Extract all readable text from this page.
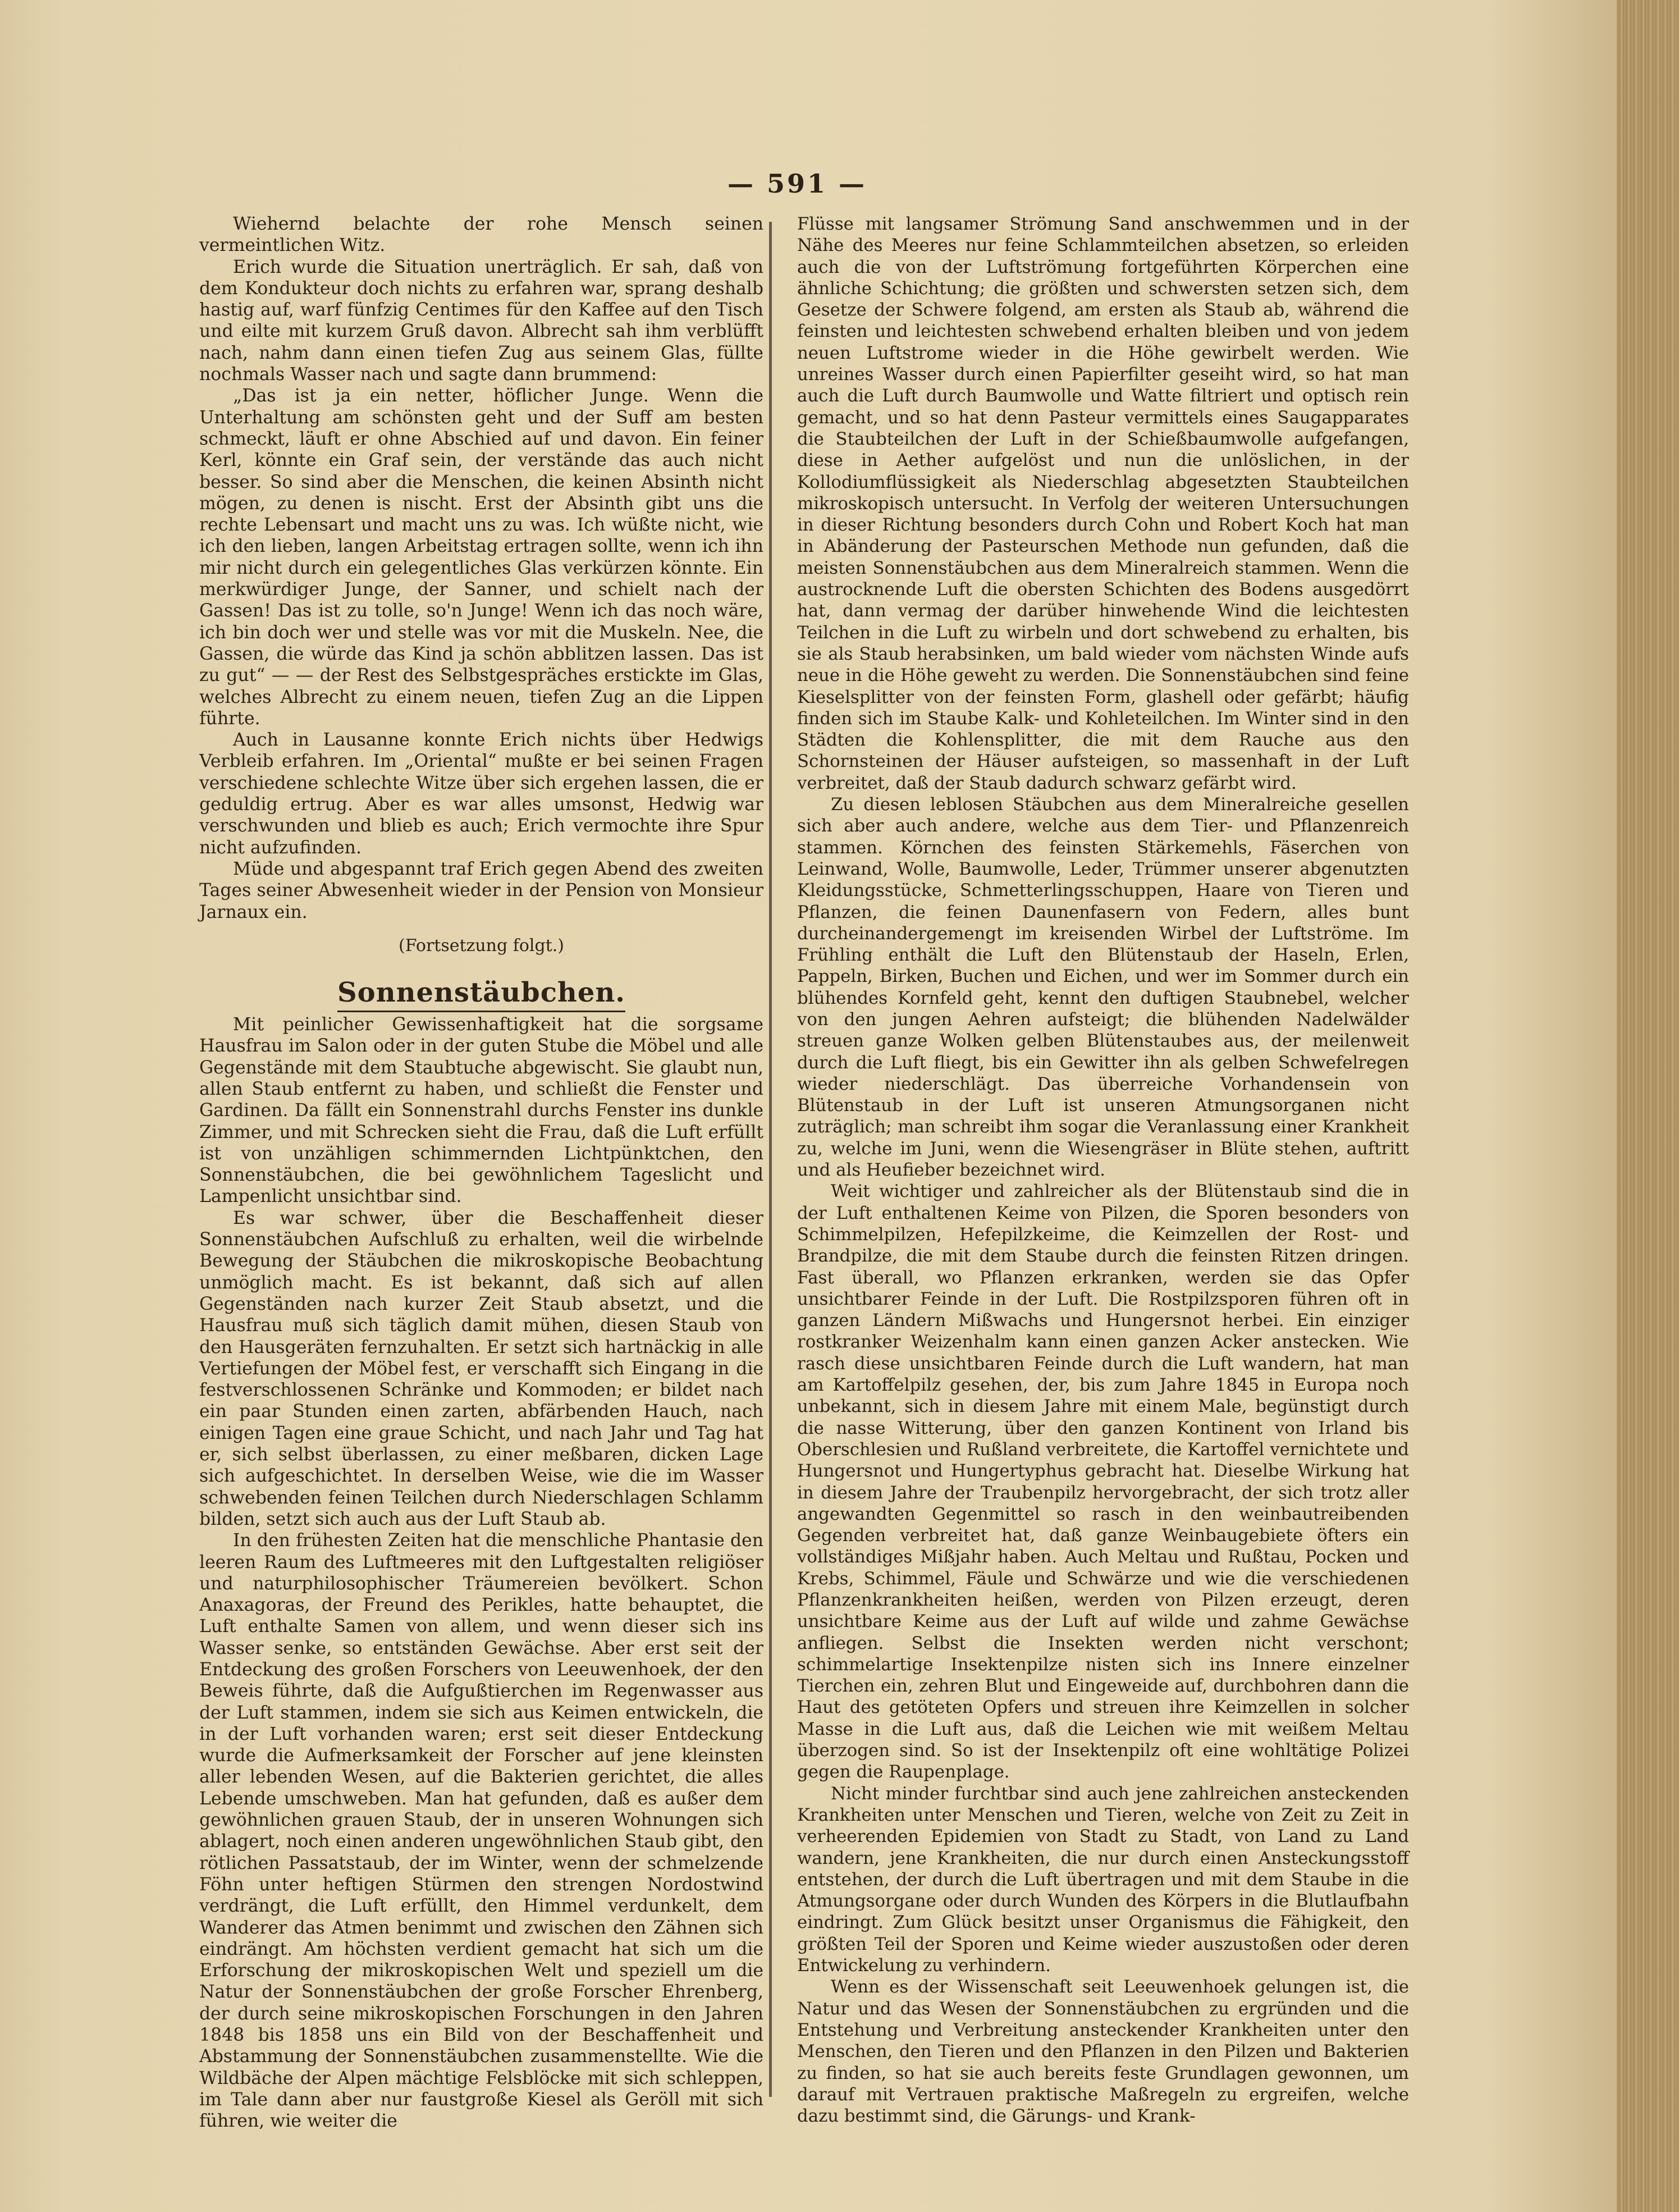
— 591 —

Wiehernd belachte der rohe Mensch seinen vermeintlichen Witz.

Erich wurde die Situation unerträglich. Er sah, daß von dem Kondukteur doch nichts zu erfahren war, sprang deshalb hastig auf, warf fünfzig Centimes für den Kaffee auf den Tisch und eilte mit kurzem Gruß davon. Albrecht sah ihm verblüfft nach, nahm dann einen tiefen Zug aus seinem Glas, füllte nochmals Wasser nach und sagte dann brummend:

„Das ist ja ein netter, höflicher Junge. Wenn die Unterhaltung am schönsten geht und der Suff am besten schmeckt, läuft er ohne Abschied auf und davon. Ein feiner Kerl, könnte ein Graf sein, der verstände das auch nicht besser. So sind aber die Menschen, die keinen Absinth nicht mögen, zu denen is nischt. Erst der Absinth gibt uns die rechte Lebensart und macht uns zu was. Ich wüßte nicht, wie ich den lieben, langen Arbeitstag ertragen sollte, wenn ich ihn mir nicht durch ein gelegentliches Glas verkürzen könnte. Ein merkwürdiger Junge, der Sanner, und schielt nach der Gassen! Das ist zu tolle, so'n Junge! Wenn ich das noch wäre, ich bin doch wer und stelle was vor mit die Muskeln. Nee, die Gassen, die würde das Kind ja schön abblitzen lassen. Das ist zu gut“ — — der Rest des Selbstgespräches erstickte im Glas, welches Albrecht zu einem neuen, tiefen Zug an die Lippen führte.

Auch in Lausanne konnte Erich nichts über Hedwigs Verbleib erfahren. Im „Oriental“ mußte er bei seinen Fragen verschiedene schlechte Witze über sich ergehen lassen, die er geduldig ertrug. Aber es war alles umsonst, Hedwig war verschwunden und blieb es auch; Erich vermochte ihre Spur nicht aufzufinden.

Müde und abgespannt traf Erich gegen Abend des zweiten Tages seiner Abwesenheit wieder in der Pension von Monsieur Jarnaux ein.

(Fortsetzung folgt.)

Sonnenstäubchen.

Mit peinlicher Gewissenhaftigkeit hat die sorgsame Hausfrau im Salon oder in der guten Stube die Möbel und alle Gegenstände mit dem Staubtuche abgewischt. Sie glaubt nun, allen Staub entfernt zu haben, und schließt die Fenster und Gardinen. Da fällt ein Sonnenstrahl durchs Fenster ins dunkle Zimmer, und mit Schrecken sieht die Frau, daß die Luft erfüllt ist von unzähligen schimmernden Lichtpünktchen, den Sonnenstäubchen, die bei gewöhnlichem Tageslicht und Lampenlicht unsichtbar sind.

Es war schwer, über die Beschaffenheit dieser Sonnenstäubchen Aufschluß zu erhalten, weil die wirbelnde Bewegung der Stäubchen die mikroskopische Beobachtung unmöglich macht. Es ist bekannt, daß sich auf allen Gegenständen nach kurzer Zeit Staub absetzt, und die Hausfrau muß sich täglich damit mühen, diesen Staub von den Hausgeräten fernzuhalten. Er setzt sich hartnäckig in alle Vertiefungen der Möbel fest, er verschafft sich Eingang in die festverschlossenen Schränke und Kommoden; er bildet nach ein paar Stunden einen zarten, abfärbenden Hauch, nach einigen Tagen eine graue Schicht, und nach Jahr und Tag hat er, sich selbst überlassen, zu einer meßbaren, dicken Lage sich aufgeschichtet. In derselben Weise, wie die im Wasser schwebenden feinen Teilchen durch Niederschlagen Schlamm bilden, setzt sich auch aus der Luft Staub ab.

In den frühesten Zeiten hat die menschliche Phantasie den leeren Raum des Luftmeeres mit den Luftgestalten religiöser und naturphilosophischer Träumereien bevölkert. Schon Anaxagoras, der Freund des Perikles, hatte behauptet, die Luft enthalte Samen von allem, und wenn dieser sich ins Wasser senke, so entständen Gewächse. Aber erst seit der Entdeckung des großen Forschers von Leeuwenhoek, der den Beweis führte, daß die Aufgußtierchen im Regenwasser aus der Luft stammen, indem sie sich aus Keimen entwickeln, die in der Luft vorhanden waren; erst seit dieser Entdeckung wurde die Aufmerksamkeit der Forscher auf jene kleinsten aller lebenden Wesen, auf die Bakterien gerichtet, die alles Lebende umschweben. Man hat gefunden, daß es außer dem gewöhnlichen grauen Staub, der in unseren Wohnungen sich ablagert, noch einen anderen ungewöhnlichen Staub gibt, den rötlichen Passatstaub, der im Winter, wenn der schmelzende Föhn unter heftigen Stürmen den strengen Nordostwind verdrängt, die Luft erfüllt, den Himmel verdunkelt, dem Wanderer das Atmen benimmt und zwischen den Zähnen sich eindrängt. Am höchsten verdient gemacht hat sich um die Erforschung der mikroskopischen Welt und speziell um die Natur der Sonnenstäubchen der große Forscher Ehrenberg, der durch seine mikroskopischen Forschungen in den Jahren 1848 bis 1858 uns ein Bild von der Beschaffenheit und Abstammung der Sonnenstäubchen zusammenstellte. Wie die Wildbäche der Alpen mächtige Felsblöcke mit sich schleppen, im Tale dann aber nur faustgroße Kiesel als Geröll mit sich führen, wie weiter die

Flüsse mit langsamer Strömung Sand anschwemmen und in der Nähe des Meeres nur feine Schlammteilchen absetzen, so erleiden auch die von der Luftströmung fortgeführten Körperchen eine ähnliche Schichtung; die größten und schwersten setzen sich, dem Gesetze der Schwere folgend, am ersten als Staub ab, während die feinsten und leichtesten schwebend erhalten bleiben und von jedem neuen Luftstrome wieder in die Höhe gewirbelt werden. Wie unreines Wasser durch einen Papierfilter geseiht wird, so hat man auch die Luft durch Baumwolle und Watte filtriert und optisch rein gemacht, und so hat denn Pasteur vermittels eines Saugapparates die Staubteilchen der Luft in der Schießbaumwolle aufgefangen, diese in Aether aufgelöst und nun die unlöslichen, in der Kollodiumflüssigkeit als Niederschlag abgesetzten Staubteilchen mikroskopisch untersucht. In Verfolg der weiteren Untersuchungen in dieser Richtung besonders durch Cohn und Robert Koch hat man in Abänderung der Pasteurschen Methode nun gefunden, daß die meisten Sonnenstäubchen aus dem Mineralreich stammen. Wenn die austrocknende Luft die obersten Schichten des Bodens ausgedörrt hat, dann vermag der darüber hinwehende Wind die leichtesten Teilchen in die Luft zu wirbeln und dort schwebend zu erhalten, bis sie als Staub herabsinken, um bald wieder vom nächsten Winde aufs neue in die Höhe geweht zu werden. Die Sonnenstäubchen sind feine Kieselsplitter von der feinsten Form, glashell oder gefärbt; häufig finden sich im Staube Kalk- und Kohleteilchen. Im Winter sind in den Städten die Kohlensplitter, die mit dem Rauche aus den Schornsteinen der Häuser aufsteigen, so massenhaft in der Luft verbreitet, daß der Staub dadurch schwarz gefärbt wird.

Zu diesen leblosen Stäubchen aus dem Mineralreiche gesellen sich aber auch andere, welche aus dem Tier- und Pflanzenreich stammen. Körnchen des feinsten Stärkemehls, Fäserchen von Leinwand, Wolle, Baumwolle, Leder, Trümmer unserer abgenutzten Kleidungsstücke, Schmetterlingsschuppen, Haare von Tieren und Pflanzen, die feinen Daunenfasern von Federn, alles bunt durcheinandergemengt im kreisenden Wirbel der Luftströme. Im Frühling enthält die Luft den Blütenstaub der Haseln, Erlen, Pappeln, Birken, Buchen und Eichen, und wer im Sommer durch ein blühendes Kornfeld geht, kennt den duftigen Staubnebel, welcher von den jungen Aehren aufsteigt; die blühenden Nadelwälder streuen ganze Wolken gelben Blütenstaubes aus, der meilenweit durch die Luft fliegt, bis ein Gewitter ihn als gelben Schwefelregen wieder niederschlägt. Das überreiche Vorhandensein von Blütenstaub in der Luft ist unseren Atmungsorganen nicht zuträglich; man schreibt ihm sogar die Veranlassung einer Krankheit zu, welche im Juni, wenn die Wiesengräser in Blüte stehen, auftritt und als Heufieber bezeichnet wird.

Weit wichtiger und zahlreicher als der Blütenstaub sind die in der Luft enthaltenen Keime von Pilzen, die Sporen besonders von Schimmelpilzen, Hefepilzkeime, die Keimzellen der Rost- und Brandpilze, die mit dem Staube durch die feinsten Ritzen dringen. Fast überall, wo Pflanzen erkranken, werden sie das Opfer unsichtbarer Feinde in der Luft. Die Rostpilzsporen führen oft in ganzen Ländern Mißwachs und Hungersnot herbei. Ein einziger rostkranker Weizenhalm kann einen ganzen Acker anstecken. Wie rasch diese unsichtbaren Feinde durch die Luft wandern, hat man am Kartoffelpilz gesehen, der, bis zum Jahre 1845 in Europa noch unbekannt, sich in diesem Jahre mit einem Male, begünstigt durch die nasse Witterung, über den ganzen Kontinent von Irland bis Oberschlesien und Rußland verbreitete, die Kartoffel vernichtete und Hungersnot und Hungertyphus gebracht hat. Dieselbe Wirkung hat in diesem Jahre der Traubenpilz hervorgebracht, der sich trotz aller angewandten Gegenmittel so rasch in den weinbautreibenden Gegenden verbreitet hat, daß ganze Weinbaugebiete öfters ein vollständiges Mißjahr haben. Auch Meltau und Rußtau, Pocken und Krebs, Schimmel, Fäule und Schwärze und wie die verschiedenen Pflanzenkrankheiten heißen, werden von Pilzen erzeugt, deren unsichtbare Keime aus der Luft auf wilde und zahme Gewächse anfliegen. Selbst die Insekten werden nicht verschont; schimmelartige Insektenpilze nisten sich ins Innere einzelner Tierchen ein, zehren Blut und Eingeweide auf, durchbohren dann die Haut des getöteten Opfers und streuen ihre Keimzellen in solcher Masse in die Luft aus, daß die Leichen wie mit weißem Meltau überzogen sind. So ist der Insektenpilz oft eine wohltätige Polizei gegen die Raupenplage.

Nicht minder furchtbar sind auch jene zahlreichen ansteckenden Krankheiten unter Menschen und Tieren, welche von Zeit zu Zeit in verheerenden Epidemien von Stadt zu Stadt, von Land zu Land wandern, jene Krankheiten, die nur durch einen Ansteckungsstoff entstehen, der durch die Luft übertragen und mit dem Staube in die Atmungsorgane oder durch Wunden des Körpers in die Blutlaufbahn eindringt. Zum Glück besitzt unser Organismus die Fähigkeit, den größten Teil der Sporen und Keime wieder auszustoßen oder deren Entwickelung zu verhindern.

Wenn es der Wissenschaft seit Leeuwenhoek gelungen ist, die Natur und das Wesen der Sonnenstäubchen zu ergründen und die Entstehung und Verbreitung ansteckender Krankheiten unter den Menschen, den Tieren und den Pflanzen in den Pilzen und Bakterien zu finden, so hat sie auch bereits feste Grundlagen gewonnen, um darauf mit Vertrauen praktische Maßregeln zu ergreifen, welche dazu bestimmt sind, die Gärungs- und Krank-
